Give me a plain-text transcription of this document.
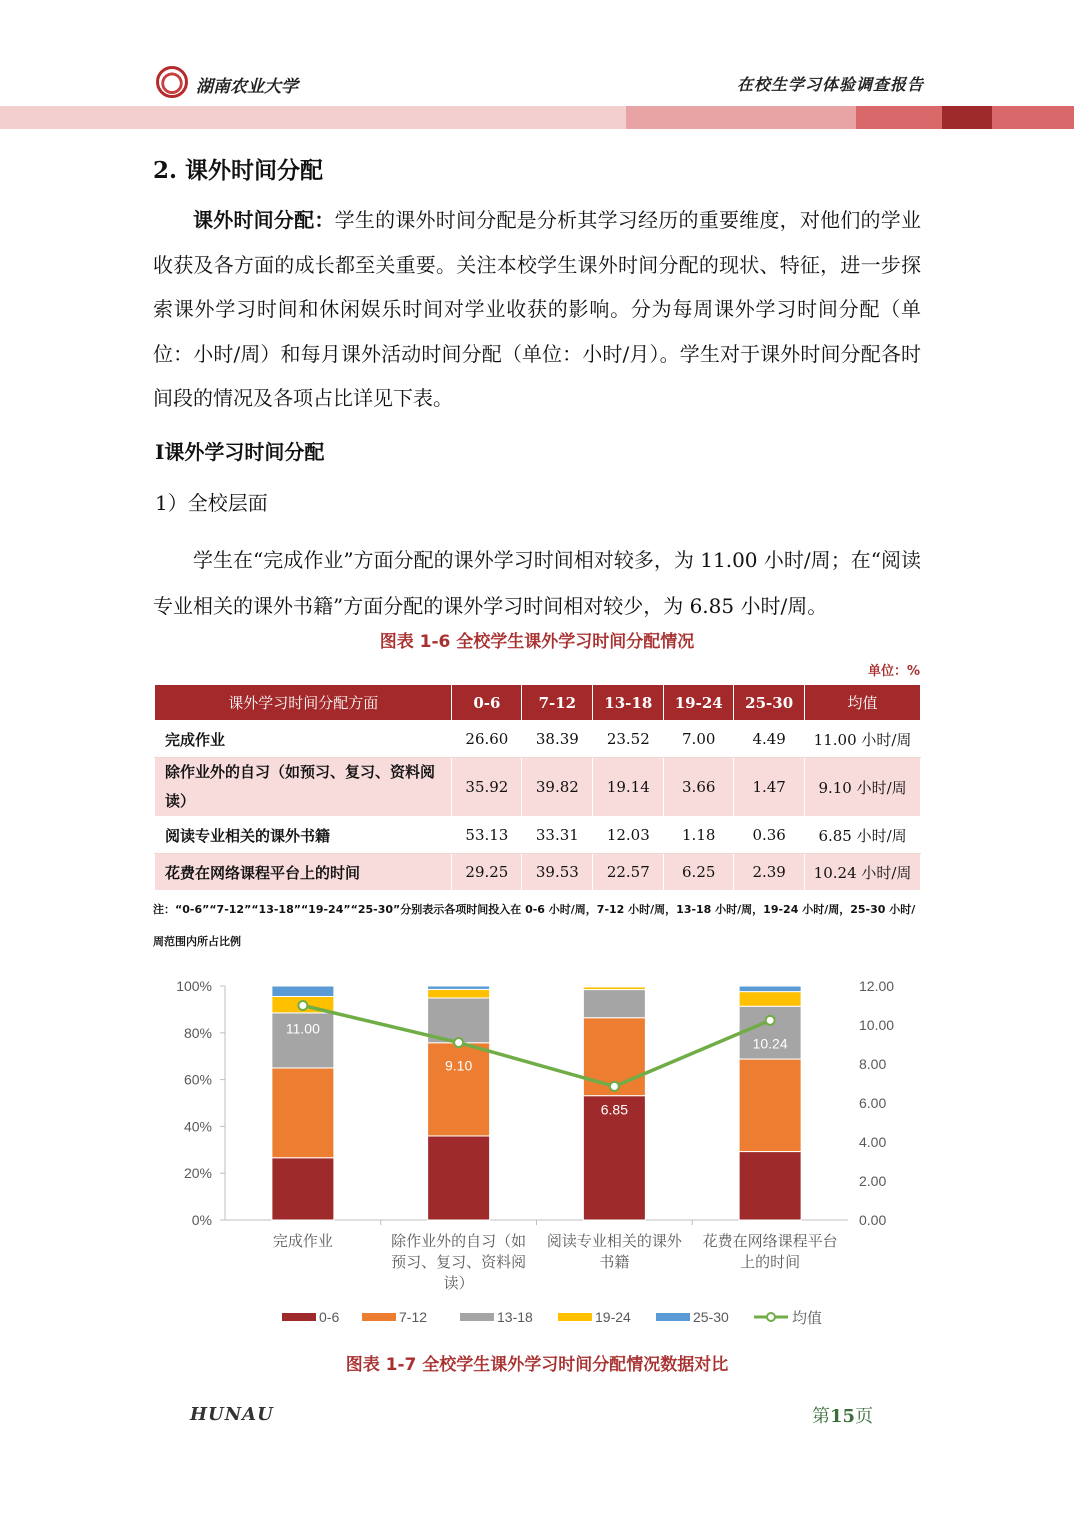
湖南农业大学	在校生学习体验调查报告
2. 课外时间分配
课外时间分配：学生的课外时间分配是分析其学习经历的重要维度，对他们的学业收获及各方面的成长都至关重要。关注本校学生课外时间分配的现状、特征，进一步探索课外学习时间和休闲娱乐时间对学业收获的影响。分为每周课外学习时间分配（单位：小时/周）和每月课外活动时间分配（单位：小时/月）。学生对于课外时间分配各时间段的情况及各项占比详见下表。
Ⅰ课外学习时间分配
1）全校层面
学生在“完成作业”方面分配的课外学习时间相对较多，为 11.00 小时/周；在“阅读专业相关的课外书籍”方面分配的课外学习时间相对较少，为 6.85 小时/周。
图表 1-6 全校学生课外学习时间分配情况
单位：%
课外学习时间分配方面	0-6	7-12	13-18	19-24	25-30	均值
完成作业	26.60	38.39	23.52	7.00	4.49	11.00 小时/周
除作业外的自习（如预习、复习、资料阅读）	35.92	39.82	19.14	3.66	1.47	9.10 小时/周
阅读专业相关的课外书籍	53.13	33.31	12.03	1.18	0.36	6.85 小时/周
花费在网络课程平台上的时间	29.25	39.53	22.57	6.25	2.39	10.24 小时/周
注：“0-6”“7-12”“13-18”“19-24”“25-30”分别表示各项时间投入在 0-6 小时/周，7-12 小时/周，13-18 小时/周，19-24 小时/周，25-30 小时/周范围内所占比例
0%
20%
40%
60%
80%
100%
0.00
2.00
4.00
6.00
8.00
10.00
12.00
完成作业	除作业外的自习（如
预习、复习、资料阅
读）
阅读专业相关的课外
书籍
花费在网络课程平台
上的时间
11.00
9.10
6.85
10.24
0-6	7-12	13-18	19-24	25-30	均值
图表 1-7 全校学生课外学习时间分配情况数据对比
HUNAU	第15页
